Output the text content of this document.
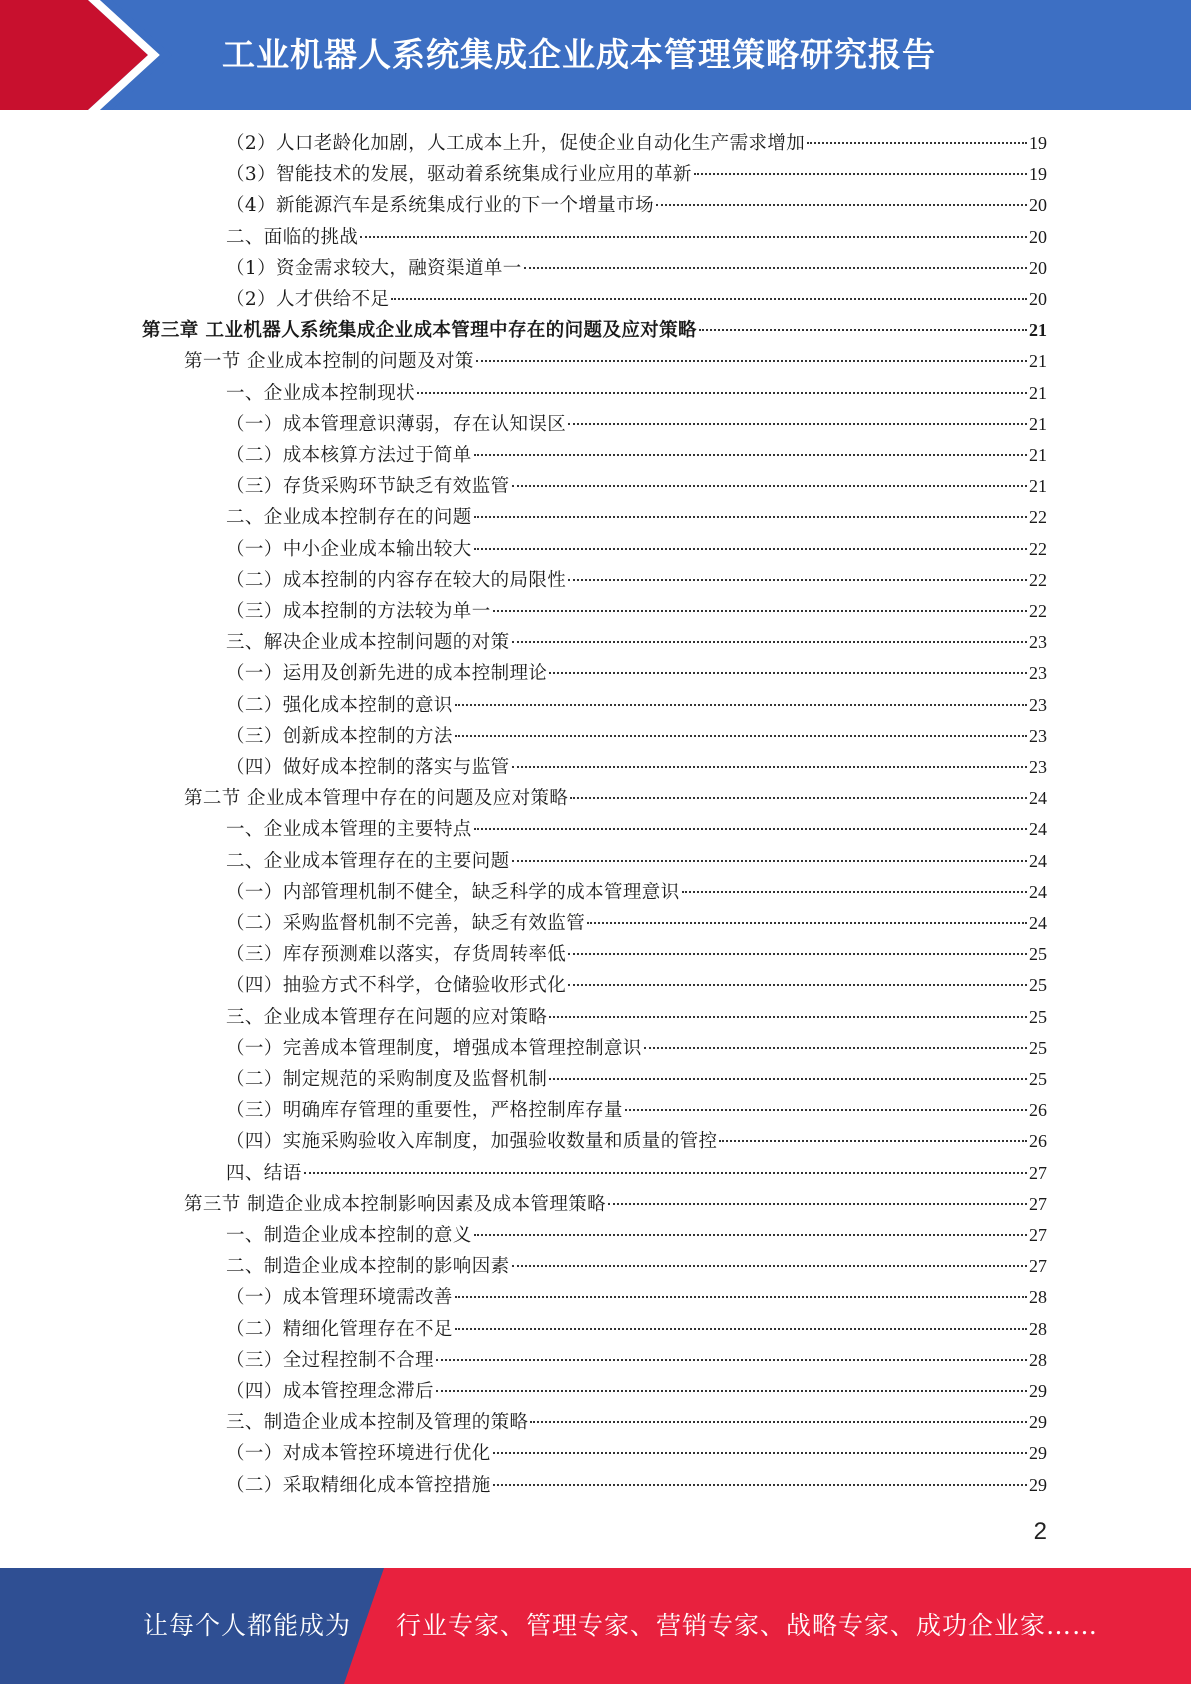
工业机器人系统集成企业成本管理策略研究报告
（2）人口老龄化加剧，人工成本上升，促使企业自动化生产需求增加	19
（3）智能技术的发展，驱动着系统集成行业应用的革新	19
（4）新能源汽车是系统集成行业的下一个增量市场	20
二、面临的挑战	20
（1）资金需求较大，融资渠道单一	20
（2）人才供给不足	20
第三章 工业机器人系统集成企业成本管理中存在的问题及应对策略	21
第一节 企业成本控制的问题及对策	21
一、企业成本控制现状	21
（一）成本管理意识薄弱，存在认知误区	21
（二）成本核算方法过于简单	21
（三）存货采购环节缺乏有效监管	21
二、企业成本控制存在的问题	22
（一）中小企业成本输出较大	22
（二）成本控制的内容存在较大的局限性	22
（三）成本控制的方法较为单一	22
三、解决企业成本控制问题的对策	23
（一）运用及创新先进的成本控制理论	23
（二）强化成本控制的意识	23
（三）创新成本控制的方法	23
（四）做好成本控制的落实与监管	23
第二节 企业成本管理中存在的问题及应对策略	24
一、企业成本管理的主要特点	24
二、企业成本管理存在的主要问题	24
（一）内部管理机制不健全，缺乏科学的成本管理意识	24
（二）采购监督机制不完善，缺乏有效监管	24
（三）库存预测难以落实，存货周转率低	25
（四）抽验方式不科学，仓储验收形式化	25
三、企业成本管理存在问题的应对策略	25
（一）完善成本管理制度，增强成本管理控制意识	25
（二）制定规范的采购制度及监督机制	25
（三）明确库存管理的重要性，严格控制库存量	26
（四）实施采购验收入库制度，加强验收数量和质量的管控	26
四、结语	27
第三节 制造企业成本控制影响因素及成本管理策略	27
一、制造企业成本控制的意义	27
二、制造企业成本控制的影响因素	27
（一）成本管理环境需改善	28
（二）精细化管理存在不足	28
（三）全过程控制不合理	28
（四）成本管控理念滞后	29
三、制造企业成本控制及管理的策略	29
（一）对成本管控环境进行优化	29
（二）采取精细化成本管控措施	29
2
让每个人都能成为 行业专家、管理专家、营销专家、战略专家、成功企业家……
